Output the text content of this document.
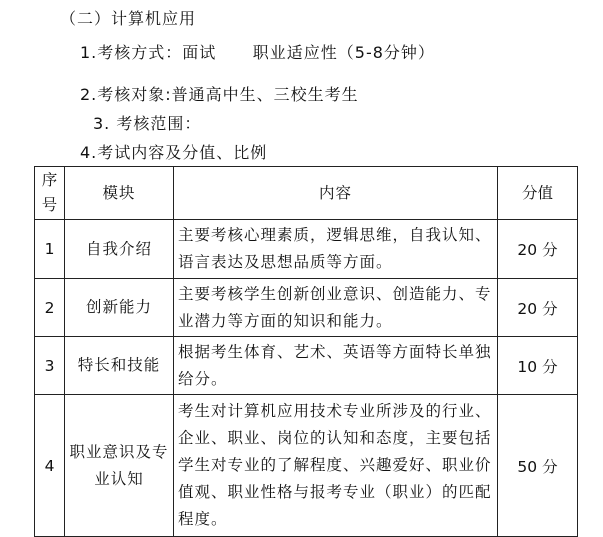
（二）计算机应用
1.考核方式：面试      职业适应性（5-8分钟）
2.考核对象:普通高中生、三校生考生
3. 考核范围：
4.考试内容及分值、比例
序号	模块	内容	分值
1	自我介绍	主要考核心理素质，逻辑思维，自我认知、语言表达及思想品质等方面。	20 分
2	创新能力	主要考核学生创新创业意识、创造能力、专业潜力等方面的知识和能力。	20 分
3	特长和技能	根据考生体育、艺术、英语等方面特长单独给分。	10 分
4	职业意识及专业认知	考生对计算机应用技术专业所涉及的行业、企业、职业、岗位的认知和态度，主要包括学生对专业的了解程度、兴趣爱好、职业价值观、职业性格与报考专业（职业）的匹配程度。	50 分
